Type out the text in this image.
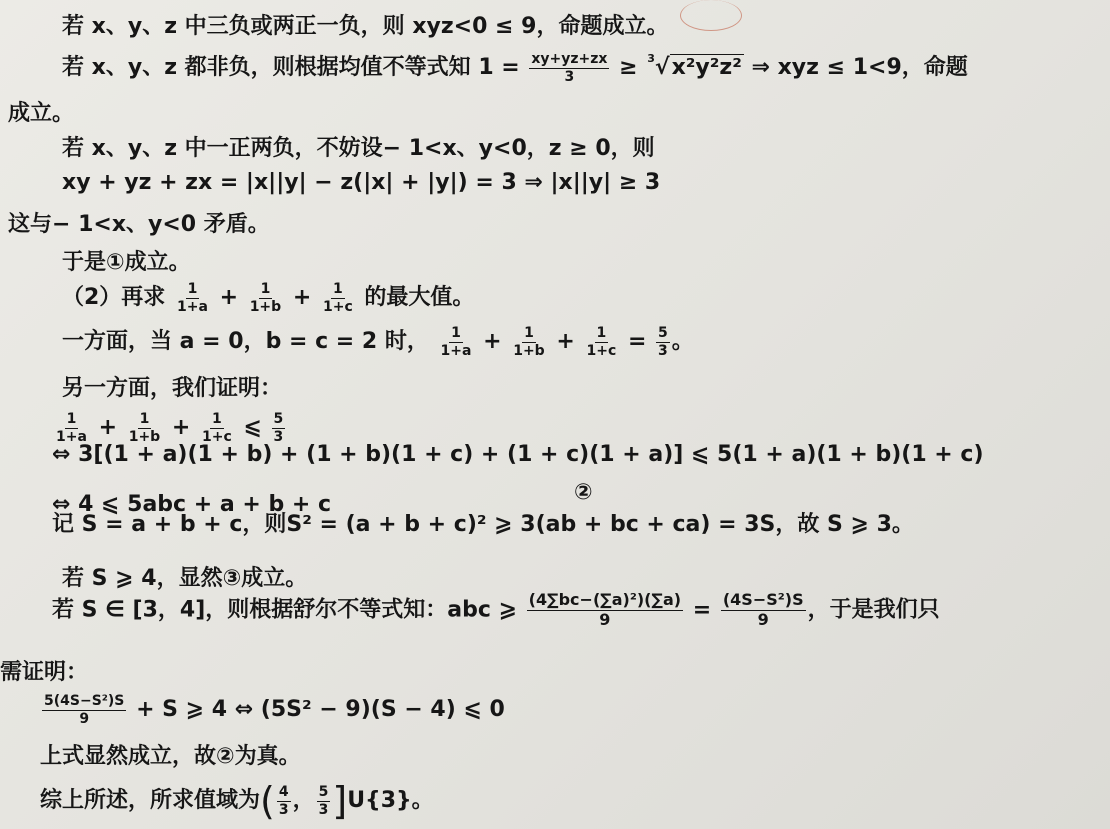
若 x、y、z 中三负或两正一负，则 xyz<0 ≤ 9，命题成立。
若 x、y、z 都非负，则根据均值不等式知 $1 = \frac{xy+yz+zx}{3} \ge ^3√x^2y^2z^2$ ⇒ xyz ≤ 1<9，命题
成立。
若 x、y、z 中一正两负，不妨设− 1<x、y<0，z ≥ 0，则
xy + yz + zx = |x||y| − z(|x| + |y|) = 3 ⇒ |x||y| ≥ 3
这与− 1<x、y<0 矛盾。
于是①成立。
（2）再求 $\frac{1}{1+a} + \frac{1}{1+b} + \frac{1}{1+c}$ 的最大值。
一方面，当 a = 0，b = c = 2 时， $\frac{1}{1+a} + \frac{1}{1+b} + \frac{1}{1+c} = \frac{5}{3}$ 。
另一方面，我们证明：
$\frac{1}{1+a} + \frac{1}{1+b} + \frac{1}{1+c}$ ⩽ $\frac{5}{3}$
⇔ 3[(1 + a)(1 + b) + (1 + b)(1 + c) + (1 + c)(1 + a)] ⩽ 5(1 + a)(1 + b)(1 + c)
⇔ 4 ⩽ 5abc + a + b + c	②
记 S = a + b + c，则S² = (a + b + c)² ⩾ 3(ab + bc + ca) = 3S，故 S ⩾ 3。
若 S ⩾ 4，显然③成立。
若 S ∈ [3，4]，则根据舒尔不等式知：abc ⩾ $\frac{\text{(4∑bc−(∑a)²)(∑a)}}{9} = \frac{\text{(4S−S²)S}}{9}$ ，于是我们只
需证明：
$\frac{\text{5(4S−S²)S}}{9} + S$ ⩾ 4 ⇔ (5S² − 9)(S − 4) ⩽ 0
上式显然成立，故②为真。
综上所述，所求值域为( $\frac{4}{3}$ ， $\frac{5}{3} ]U\{3\}$。
